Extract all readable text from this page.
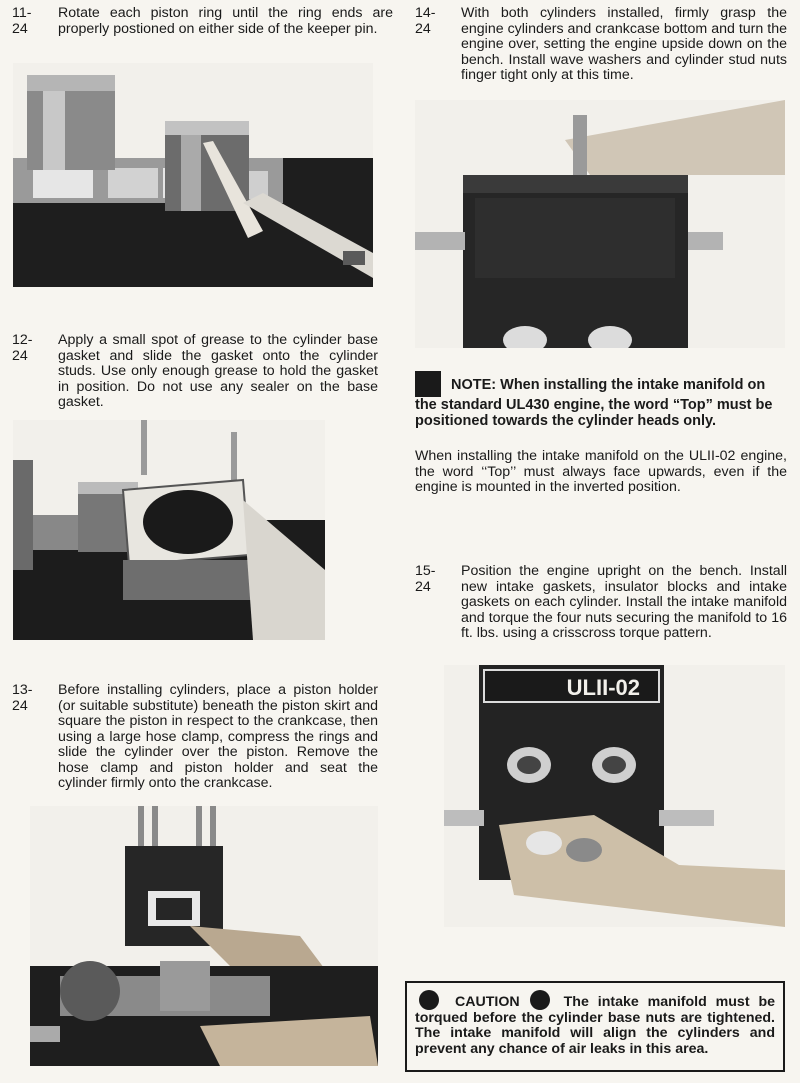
11-24
Rotate each piston ring until the ring ends are properly postioned on either side of the keeper pin.
12-24
Apply a small spot of grease to the cylinder base gasket and slide the gasket onto the cylinder studs. Use only enough grease to hold the gasket in position. Do not use any sealer on the base gasket.
13-24
Before installing cylinders, place a piston holder (or suitable substitute) beneath the piston skirt and square the piston in respect to the crankcase, then using a large hose clamp, compress the rings and slide the cylinder over the piston. Remove the hose clamp and piston holder and seat the cylinder firmly onto the crankcase.
14-24
With both cylinders installed, firmly grasp the engine cylinders and crankcase bottom and turn the engine over, setting the engine upside down on the bench. Install wave washers and cylinder stud nuts finger tight only at this time.
NOTE: When installing the intake manifold on the standard UL430 engine, the word “Top” must be positioned towards the cylinder heads only.
When installing the intake manifold on the ULII-02 engine, the word ‘‘Top’’ must always face upwards, even if the engine is mounted in the inverted position.
15-24
Position the engine upright on the bench. Install new intake gaskets, insulator blocks and intake gaskets on each cylinder. Install the intake manifold and torque the four nuts securing the manifold to 16 ft. lbs. using a crisscross torque pattern.
ULII-02
CAUTION	The intake manifold must be torqued before the cylinder base nuts are tightened. The intake manifold will align the cylinders and prevent any chance of air leaks in this area.
